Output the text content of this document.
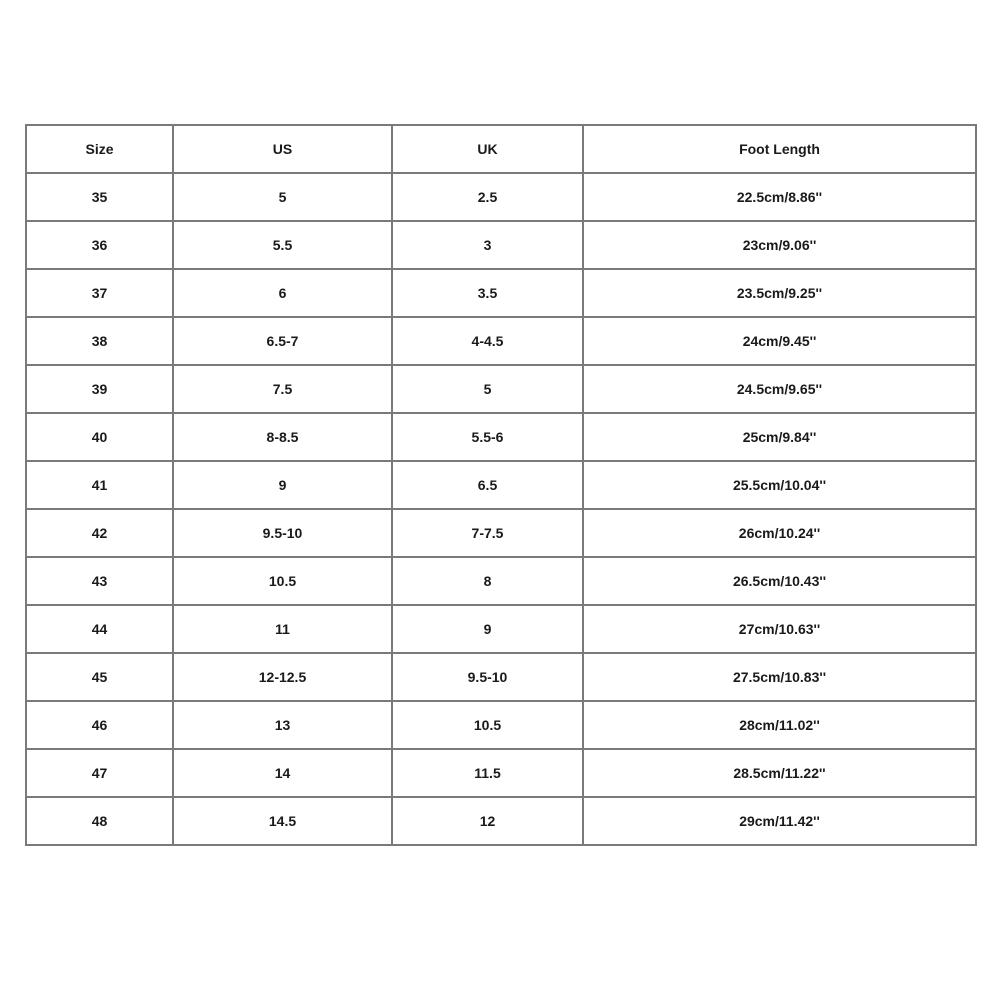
Size	US	UK	Foot Length
35	5	2.5	22.5cm/8.86''
36	5.5	3	23cm/9.06''
37	6	3.5	23.5cm/9.25''
38	6.5-7	4-4.5	24cm/9.45''
39	7.5	5	24.5cm/9.65''
40	8-8.5	5.5-6	25cm/9.84''
41	9	6.5	25.5cm/10.04''
42	9.5-10	7-7.5	26cm/10.24''
43	10.5	8	26.5cm/10.43''
44	11	9	27cm/10.63''
45	12-12.5	9.5-10	27.5cm/10.83''
46	13	10.5	28cm/11.02''
47	14	11.5	28.5cm/11.22''
48	14.5	12	29cm/11.42''
